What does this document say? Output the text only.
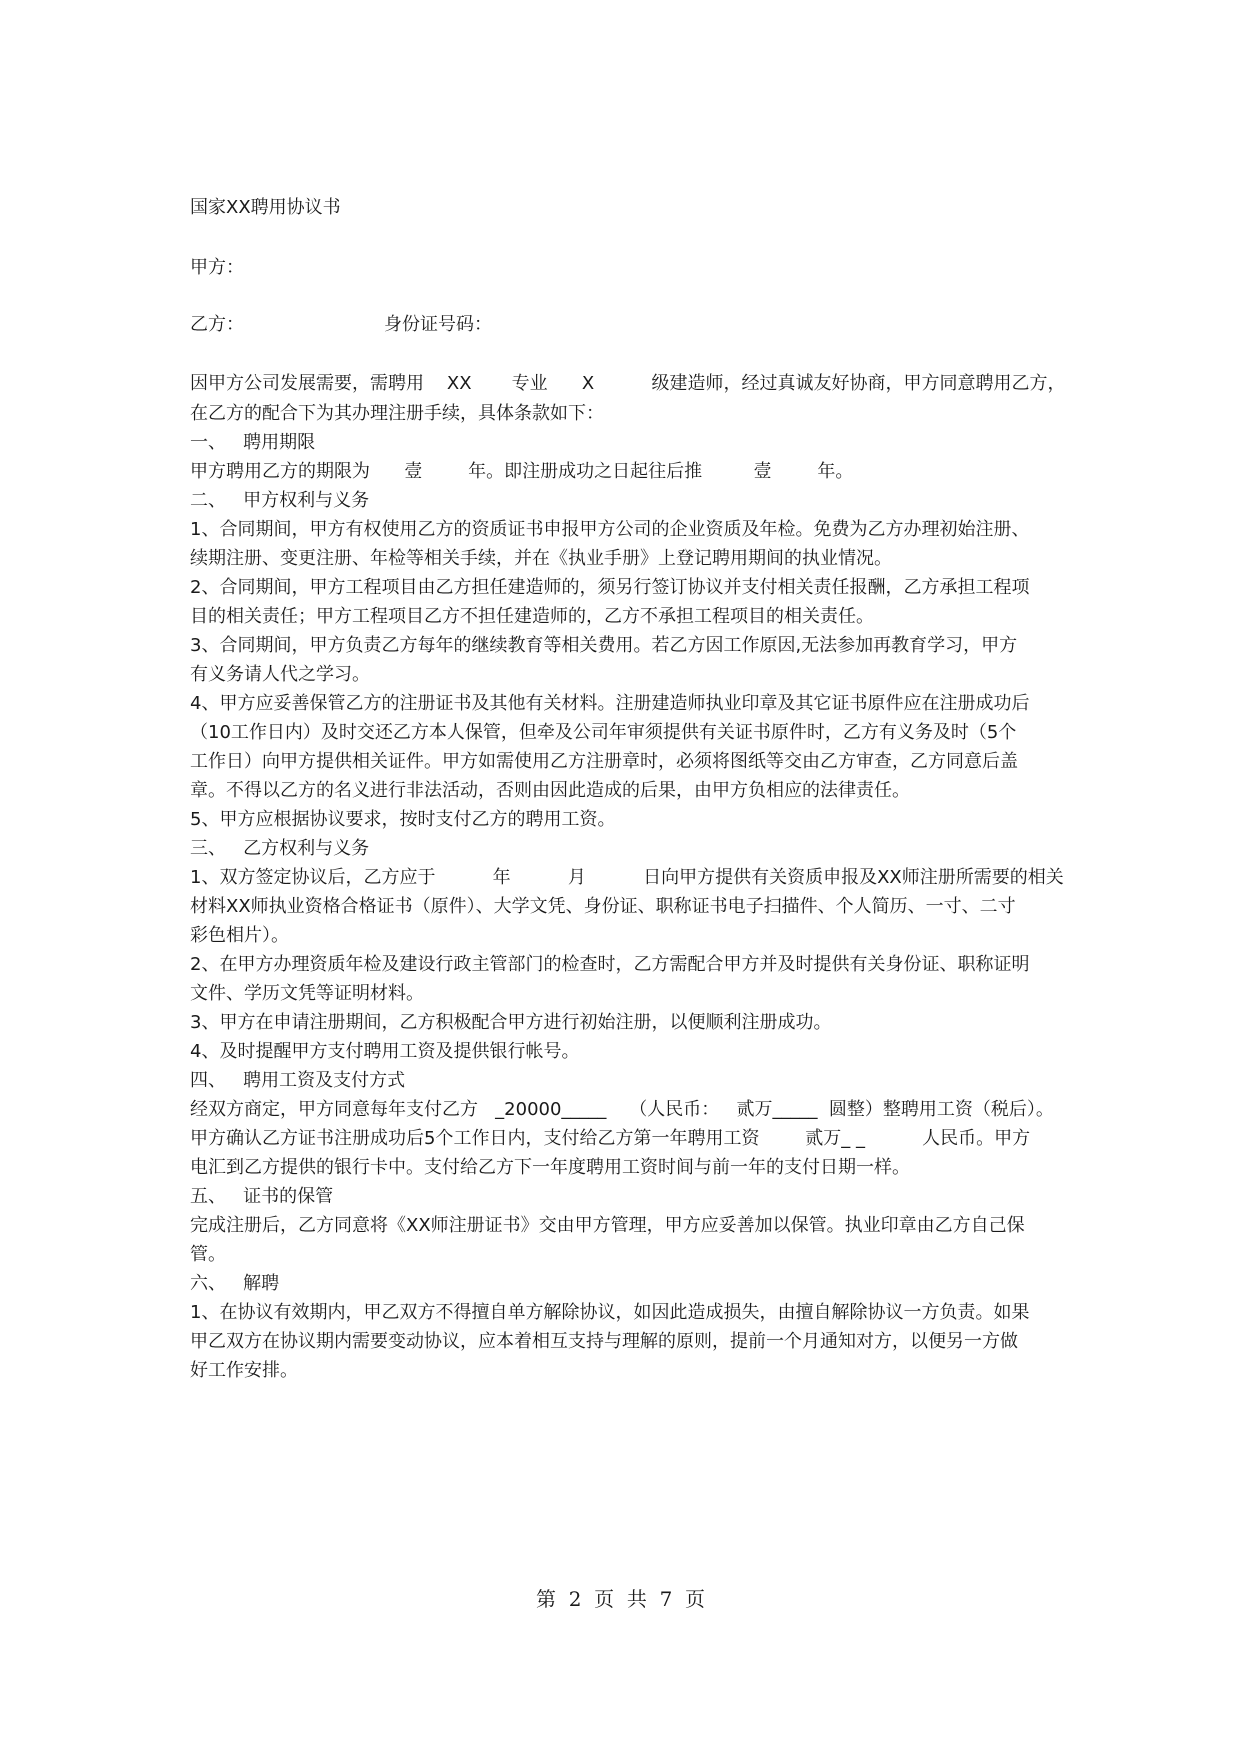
国家XX聘用协议书
甲方：
乙方：	身份证号码：
因甲方公司发展需要，需聘用    XX       专业      X          级建造师，经过真诚友好协商，甲方同意聘用乙方，
在乙方的配合下为其办理注册手续，具体条款如下：
一、   聘用期限
甲方聘用乙方的期限为      壹        年。即注册成功之日起往后推         壹        年。
二、   甲方权利与义务
1、合同期间，甲方有权使用乙方的资质证书申报甲方公司的企业资质及年检。免费为乙方办理初始注册、
续期注册、变更注册、年检等相关手续，并在《执业手册》上登记聘用期间的执业情况。
2、合同期间，甲方工程项目由乙方担任建造师的，须另行签订协议并支付相关责任报酬，乙方承担工程项
目的相关责任；甲方工程项目乙方不担任建造师的，乙方不承担工程项目的相关责任。
3、合同期间，甲方负责乙方每年的继续教育等相关费用。若乙方因工作原因,无法参加再教育学习，甲方
有义务请人代之学习。
4、甲方应妥善保管乙方的注册证书及其他有关材料。注册建造师执业印章及其它证书原件应在注册成功后
（10工作日内）及时交还乙方本人保管，但牵及公司年审须提供有关证书原件时，乙方有义务及时（5个
工作日）向甲方提供相关证件。甲方如需使用乙方注册章时，必须将图纸等交由乙方审查，乙方同意后盖
章。不得以乙方的名义进行非法活动，否则由因此造成的后果，由甲方负相应的法律责任。
5、甲方应根据协议要求，按时支付乙方的聘用工资。
三、   乙方权利与义务
1、双方签定协议后，乙方应于          年          月          日向甲方提供有关资质申报及XX师注册所需要的相关
材料XX师执业资格合格证书（原件）、大学文凭、身份证、职称证书电子扫描件、个人简历、一寸、二寸
彩色相片）。
2、在甲方办理资质年检及建设行政主管部门的检查时，乙方需配合甲方并及时提供有关身份证、职称证明
文件、学历文凭等证明材料。
3、甲方在申请注册期间，乙方积极配合甲方进行初始注册，以便顺利注册成功。
4、及时提醒甲方支付聘用工资及提供银行帐号。
四、   聘用工资及支付方式
经双方商定，甲方同意每年支付乙方   _20000_____    （人民币：   贰万_____  圆整）整聘用工资（税后）。
甲方确认乙方证书注册成功后5个工作日内，支付给乙方第一年聘用工资        贰万_ _          人民币。甲方
电汇到乙方提供的银行卡中。支付给乙方下一年度聘用工资时间与前一年的支付日期一样。
五、   证书的保管
完成注册后，乙方同意将《XX师注册证书》交由甲方管理，甲方应妥善加以保管。执业印章由乙方自己保
管。
六、   解聘
1、在协议有效期内，甲乙双方不得擅自单方解除协议，如因此造成损失，由擅自解除协议一方负责。如果
甲乙双方在协议期内需要变动协议，应本着相互支持与理解的原则，提前一个月通知对方，以便另一方做
好工作安排。
第  2  页  共  7  页
